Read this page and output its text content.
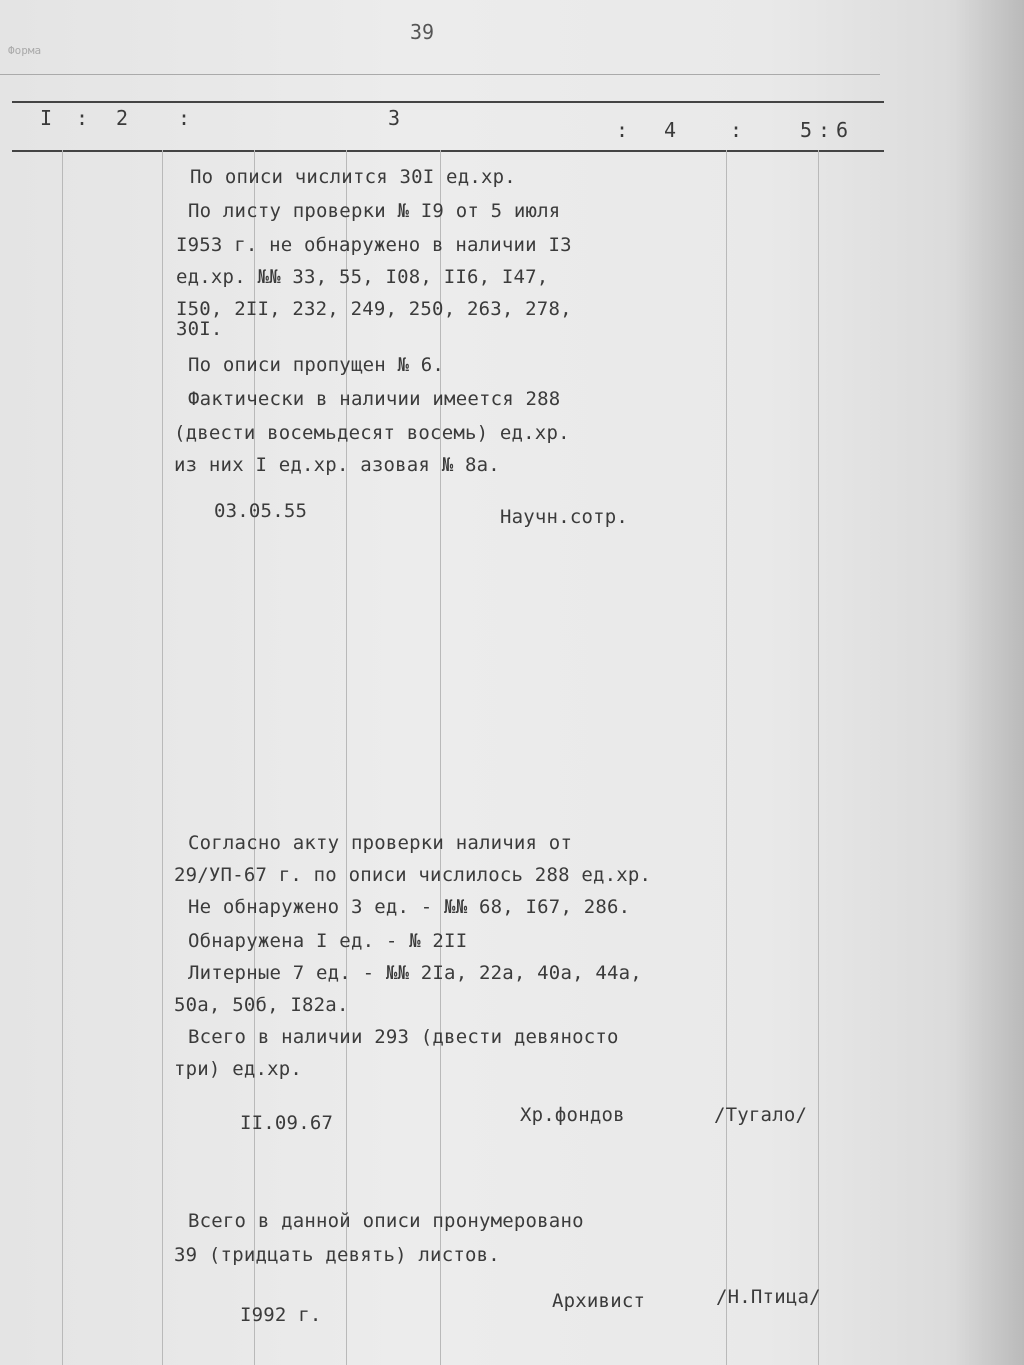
39
Форма
I : 2 :	3	: 4	:	5 : 6
По описи числится 30I ед.хр.
По листу проверки № I9 от 5 июля
I953 г. не обнаружено в наличии I3
ед.хр. №№ 33, 55, I08, II6, I47,
I50, 2II, 232, 249, 250, 263, 278,
30I.
По описи пропущен № 6.
Фактически в наличии имеется 288
(двести восемьдесят восемь) ед.хр.
из них I ед.хр. азовая № 8а.
03.05.55	Научн.сотр.
Согласно акту проверки наличия от
29/УП-67 г. по описи числилось 288 ед.хр.
Не обнаружено 3 ед. - №№ 68, I67, 286.
Обнаружена I ед. - № 2II
Литерные 7 ед. - №№ 2Iа, 22а, 40а, 44а,
50а, 50б, I82а.
Всего в наличии 293 (двести девяносто
три) ед.хр.
II.09.67	Хр.фондов	/Тугало/
Всего в данной описи пронумеровано
39 (тридцать девять) листов.
I992 г.
Архивист	/Н.Птица/
